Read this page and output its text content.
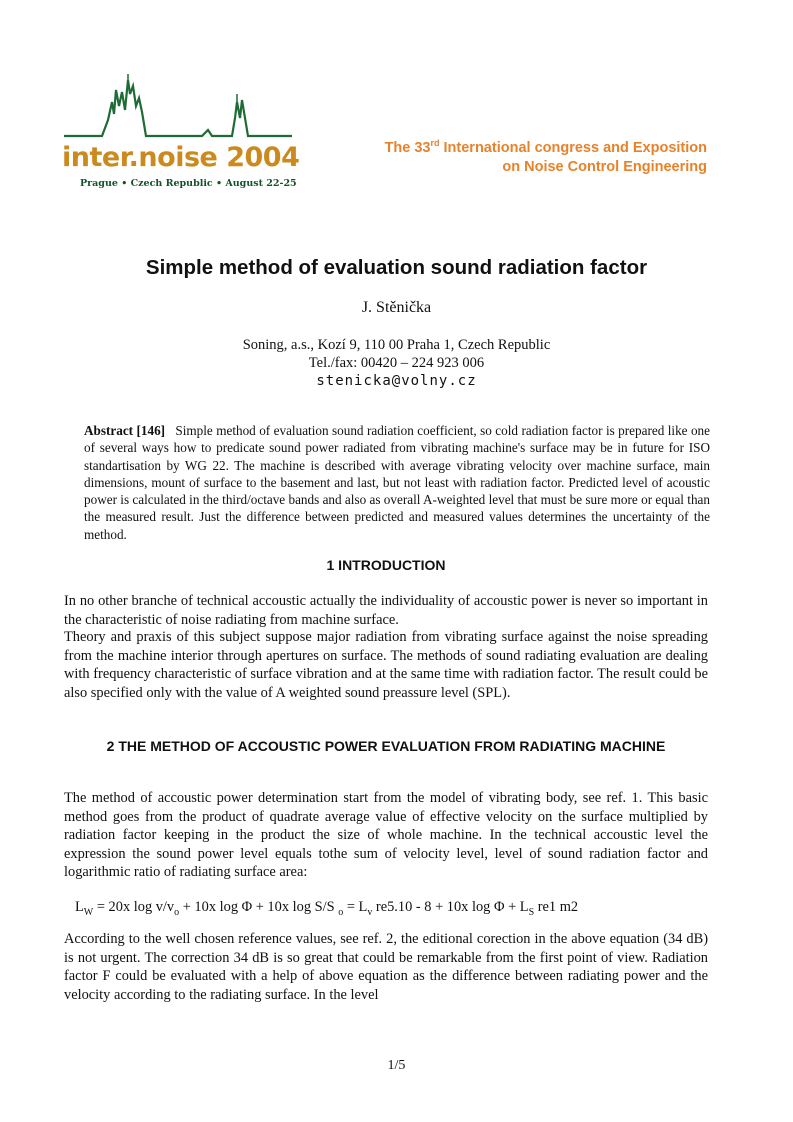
inter.noise 2004
Prague • Czech Republic • August 22-25
The 33rd International congress and Exposition
on Noise Control Engineering
Simple method of evaluation sound radiation factor
J. Stěnička
Soning, a.s., Kozí 9, 110 00 Praha 1, Czech Republic
Tel./fax: 00420 – 224 923 006
stenicka@volny.cz
Abstract [146] Simple method of evaluation sound radiation coefficient, so cold radiation factor is prepared like one of several ways how to predicate sound power radiated from vibrating machine's surface may be in future for ISO standartisation by WG 22. The machine is described with average vibrating velocity over machine surface, main dimensions, mount of surface to the basement and last, but not least with radiation factor. Predicted level of acoustic power is calculated in the third/octave bands and also as overall A-weighted level that must be sure more or equal than the measured result. Just the difference between predicted and measured values determines the uncertainty of the method.
1 INTRODUCTION

In no other branche of technical accoustic actually the individuality of accoustic power is never so important in the characteristic of noise radiating from machine surface.

Theory and praxis of this subject suppose major radiation from vibrating surface against the noise spreading from the machine interior through apertures on surface. The methods of sound radiating evaluation are dealing with frequency characteristic of surface vibration and at the same time with radiation factor. The result could be also specified only with the value of A weighted sound preassure level (SPL).

2 THE METHOD OF ACCOUSTIC POWER EVALUATION FROM RADIATING MACHINE

The method of accoustic power determination start from the model of vibrating body, see ref. 1. This basic method goes from the product of quadrate average value of effective velocity on the surface multiplied by radiation factor keeping in the product the size of whole machine. In the technical accoustic level the expression the sound power level equals tothe sum of velocity level, level of sound radiation factor and logarithmic ratio of radiating surface area:

$L_W = 20x$ $\log v/v_o + 10x$ log Φ + 10x log S/S $_o = L_v$ re5.10 - 8 + 10x $\log \Phi + L_S$ re1 m2

According to the well chosen reference values, see ref. 2, the editional corection in the above equation (34 dB) is not urgent. The correction 34 dB is so great that could be remarkable from the first point of view. Radiation factor F could be evaluated with a help of above equation as the difference between radiating power and the velocity according to the radiating surface. In the level

1/5
